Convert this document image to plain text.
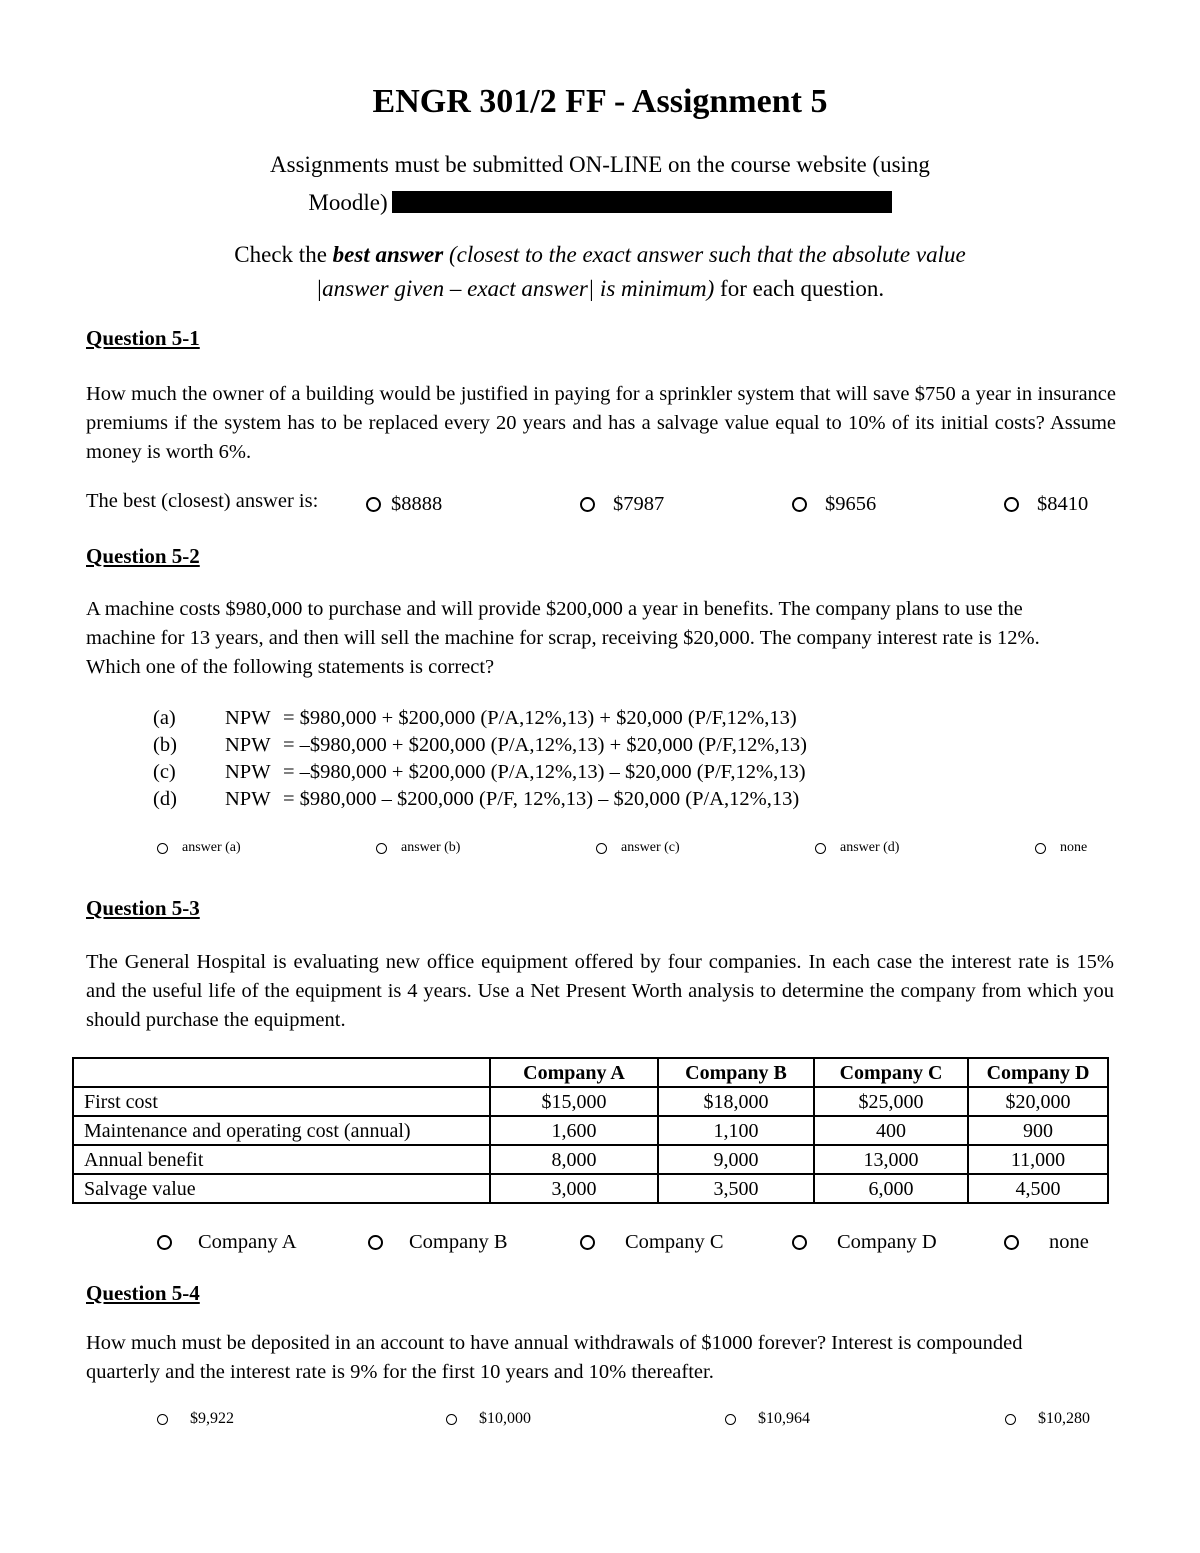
ENGR 301/2 FF - Assignment 5
Assignments must be submitted ON-LINE on the course website (using
Moodle)
Check the best answer (closest to the exact answer such that the absolute value
|answer given – exact answer| is minimum) for each question.
Question 5-1
How much the owner of a building would be justified in paying for a sprinkler system that will save $750 a year in insurance premiums if the system has to be replaced every 20 years and has a salvage value equal to 10% of its initial costs? Assume money is worth 6%.
The best (closest) answer is:	$8888	$7987	$9656	$8410
Question 5-2
A machine costs $980,000 to purchase and will provide $200,000 a year in benefits. The company plans to use the machine for 13 years, and then will sell the machine for scrap, receiving $20,000. The company interest rate is 12%. Which one of the following statements is correct?
(a) NPW = $980,000 + $200,000 (P/A,12%,13) + $20,000 (P/F,12%,13)
(b) NPW = –$980,000 + $200,000 (P/A,12%,13) + $20,000 (P/F,12%,13)
(c) NPW = –$980,000 + $200,000 (P/A,12%,13) – $20,000 (P/F,12%,13)
(d) NPW = $980,000 – $200,000 (P/F, 12%,13) – $20,000 (P/A,12%,13)
answer (a)	answer (b)	answer (c)	answer (d)	none
Question 5-3
The General Hospital is evaluating new office equipment offered by four companies. In each case the interest rate is 15% and the useful life of the equipment is 4 years. Use a Net Present Worth analysis to determine the company from which you should purchase the equipment.
	Company A	Company B	Company C	Company D
First cost	$15,000	$18,000	$25,000	$20,000
Maintenance and operating cost (annual)	1,600	1,100	400	900
Annual benefit	8,000	9,000	13,000	11,000
Salvage value	3,000	3,500	6,000	4,500
Company A	Company B	Company C	Company D	none
Question 5-4
How much must be deposited in an account to have annual withdrawals of $1000 forever? Interest is compounded quarterly and the interest rate is 9% for the first 10 years and 10% thereafter.
$9,922	$10,000	$10,964	$10,280
